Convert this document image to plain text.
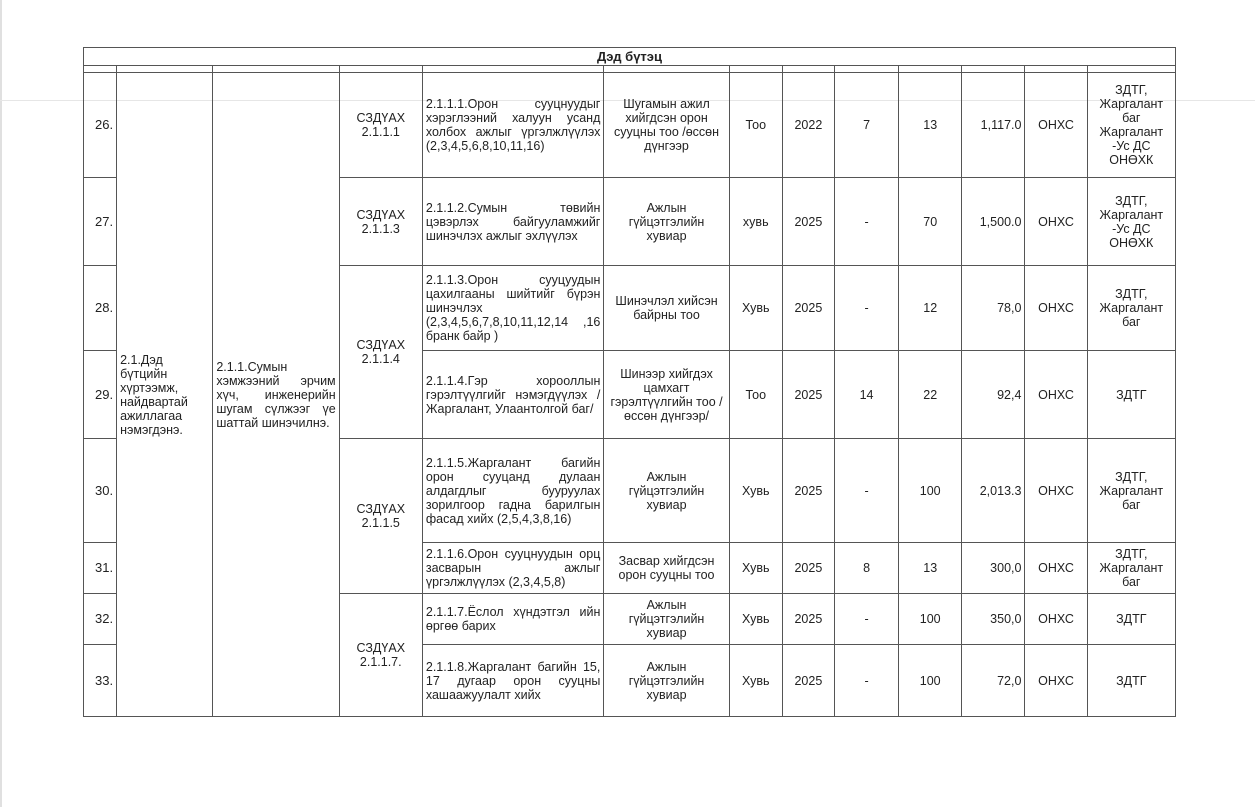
Дэд бүтэц												

26.	2.1.Дэд бүтцийн хүртээмж, найдвартай ажиллагаа нэмэгдэнэ.	2.1.1.Сумын хэмжээний эрчим хүч, инженерийн шугам сүлжээг үе шаттай шинэчилнэ.	СЗДҮАХ 2.1.1.1	2.1.1.1.Орон сууцнуудыг хэрэглээний халуун усанд холбох ажлыг үргэлжлүүлэх (2,3,4,5,6,8,10,11,16)	Шугамын ажил хийгдсэн орон сууцны тоо /өссөн дүнгээр	Тоо	2022	7	13	1,117.0	ОНХС	ЗДТГ, Жаргалант баг Жаргалант -Ус ДС ОНӨХК
27.			СЗДҮАХ 2.1.1.3	2.1.1.2.Сумын төвийн цэвэрлэх байгууламжийг шинэчлэх ажлыг эхлүүлэх	Ажлын гүйцэтгэлийн хувиар	хувь	2025	-	70	1,500.0	ОНХС	ЗДТГ, Жаргалант -Ус ДС ОНӨХК
28.			СЗДҮАХ 2.1.1.4	2.1.1.3.Орон сууцуудын цахилгааны шийтийг бүрэн шинэчлэх (2,3,4,5,6,7,8,10,11,12,14 ,16 бранк байр )	Шинэчлэл хийсэн байрны тоо	Хувь	2025	-	12	78,0	ОНХС	ЗДТГ, Жаргалант баг
29.				2.1.1.4.Гэр хорооллын гэрэлтүүлгийг нэмэгдүүлэх /Жаргалант, Улаантолгой баг/	Шинээр хийгдэх цамхагт гэрэлтүүлгийн тоо /өссөн дүнгээр/	Тоо	2025	14	22	92,4	ОНХС	ЗДТГ
30.			СЗДҮАХ 2.1.1.5	2.1.1.5.Жаргалант багийн орон сууцанд дулаан алдагдлыг бууруулах зорилгоор гадна барилгын фасад хийх (2,5,4,3,8,16)	Ажлын гүйцэтгэлийн хувиар	Хувь	2025	-	100	2,013.3	ОНХС	ЗДТГ, Жаргалант баг
31.				2.1.1.6.Орон сууцнуудын орц засварын ажлыг үргэлжлүүлэх (2,3,4,5,8)	Засвар хийгдсэн орон сууцны тоо	Хувь	2025	8	13	300,0	ОНХС	ЗДТГ, Жаргалант баг
32.			СЗДҮАХ 2.1.1.7.	2.1.1.7.Ёслол хүндэтгэл ийн өргөө барих	Ажлын гүйцэтгэлийн хувиар	Хувь	2025	-	100	350,0	ОНХС	ЗДТГ
33.				2.1.1.8.Жаргалант багийн 15, 17 дугаар орон сууцны хашаажуулалт хийх	Ажлын гүйцэтгэлийн хувиар	Хувь	2025	-	100	72,0	ОНХС	ЗДТГ
